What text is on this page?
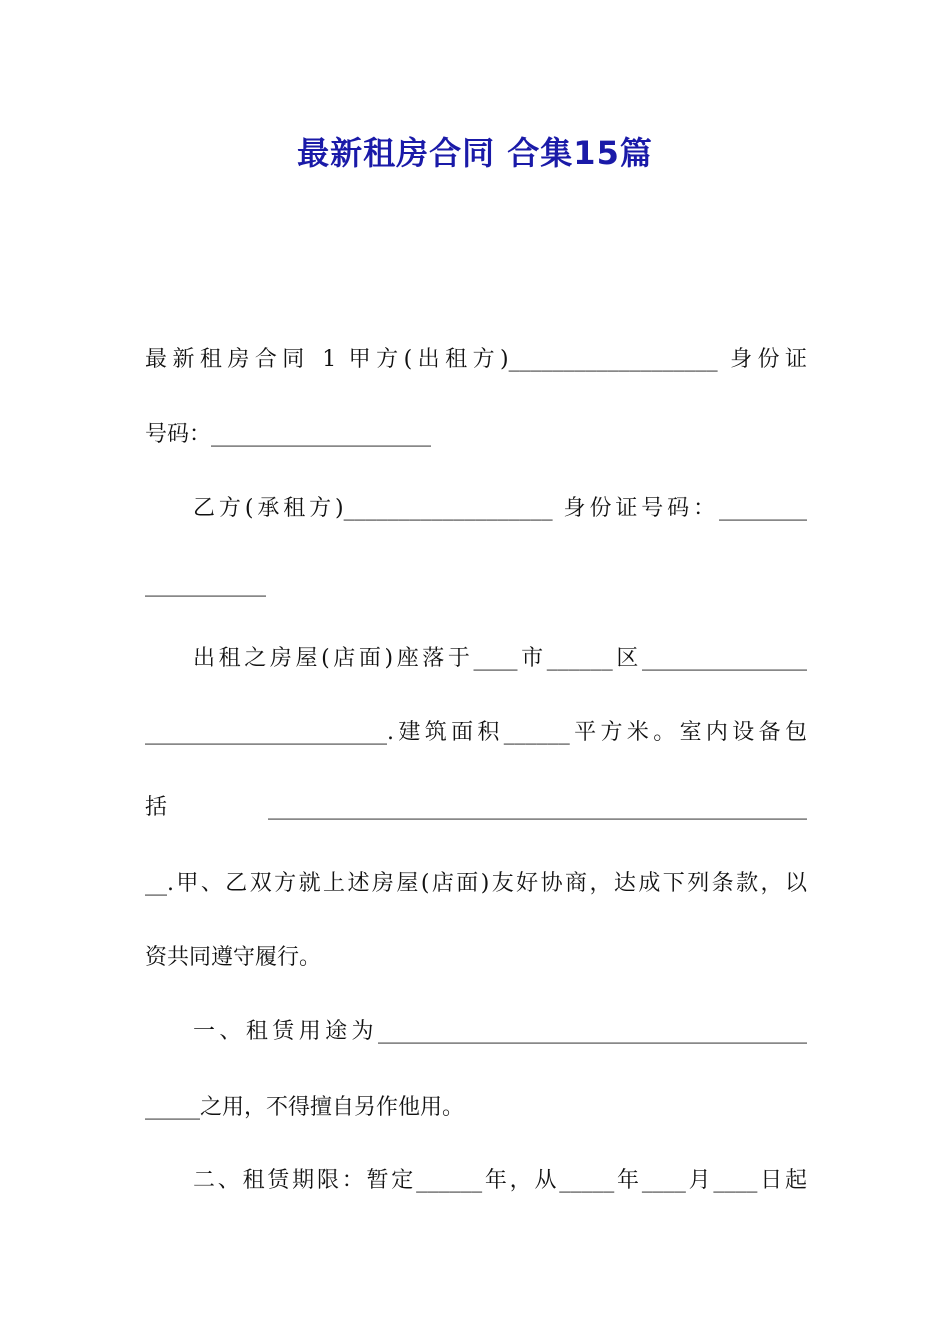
最新租房合同 合集15篇
最新租房合同 1 甲方(出租方)___________________ 身份证
号码：____________________
乙方(承租方)___________________ 身份证号码：________
___________
出租之房屋(店面)座落于____市______区_______________
______________________.建筑面积______平方米。室内设备包
括_________________________________________________
__.甲、乙双方就上述房屋(店面)友好协商，达成下列条款，以
资共同遵守履行。
一、租赁用途为_______________________________________
_____之用，不得擅自另作他用。
二、租赁期限：暂定______年，从_____年____月____日起
